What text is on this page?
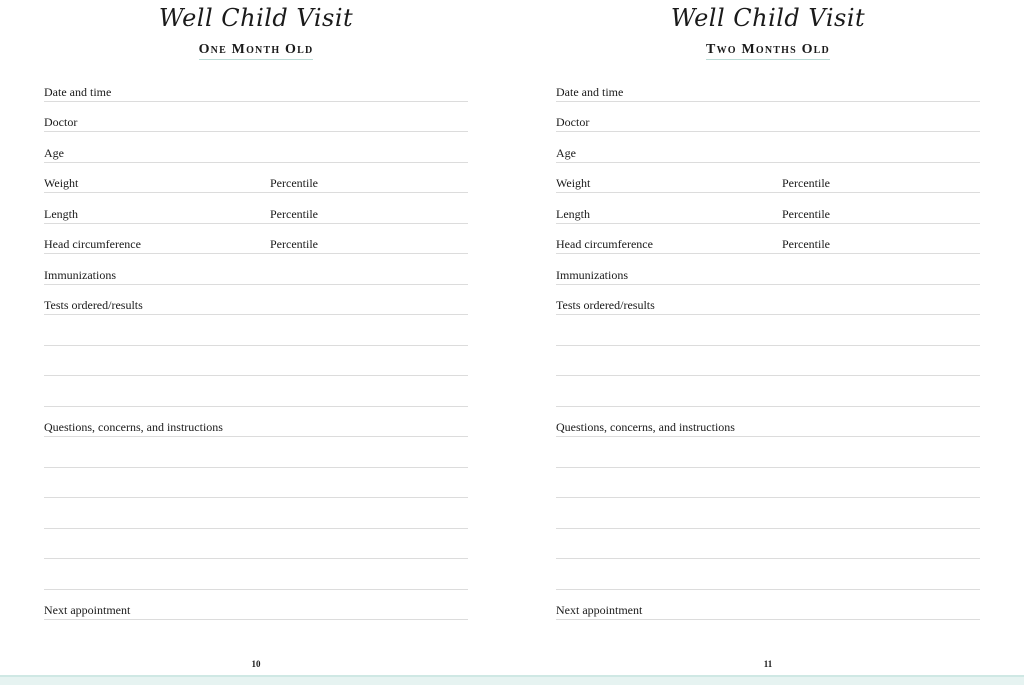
Well Child Visit
One Month Old
Date and time
Doctor
Age
Weight	Percentile
Length	Percentile
Head circumference	Percentile
Immunizations
Tests ordered/results
Questions, concerns, and instructions
Next appointment
10
Well Child Visit
Two Months Old
Date and time
Doctor
Age
Weight	Percentile
Length	Percentile
Head circumference	Percentile
Immunizations
Tests ordered/results
Questions, concerns, and instructions
Next appointment
11
